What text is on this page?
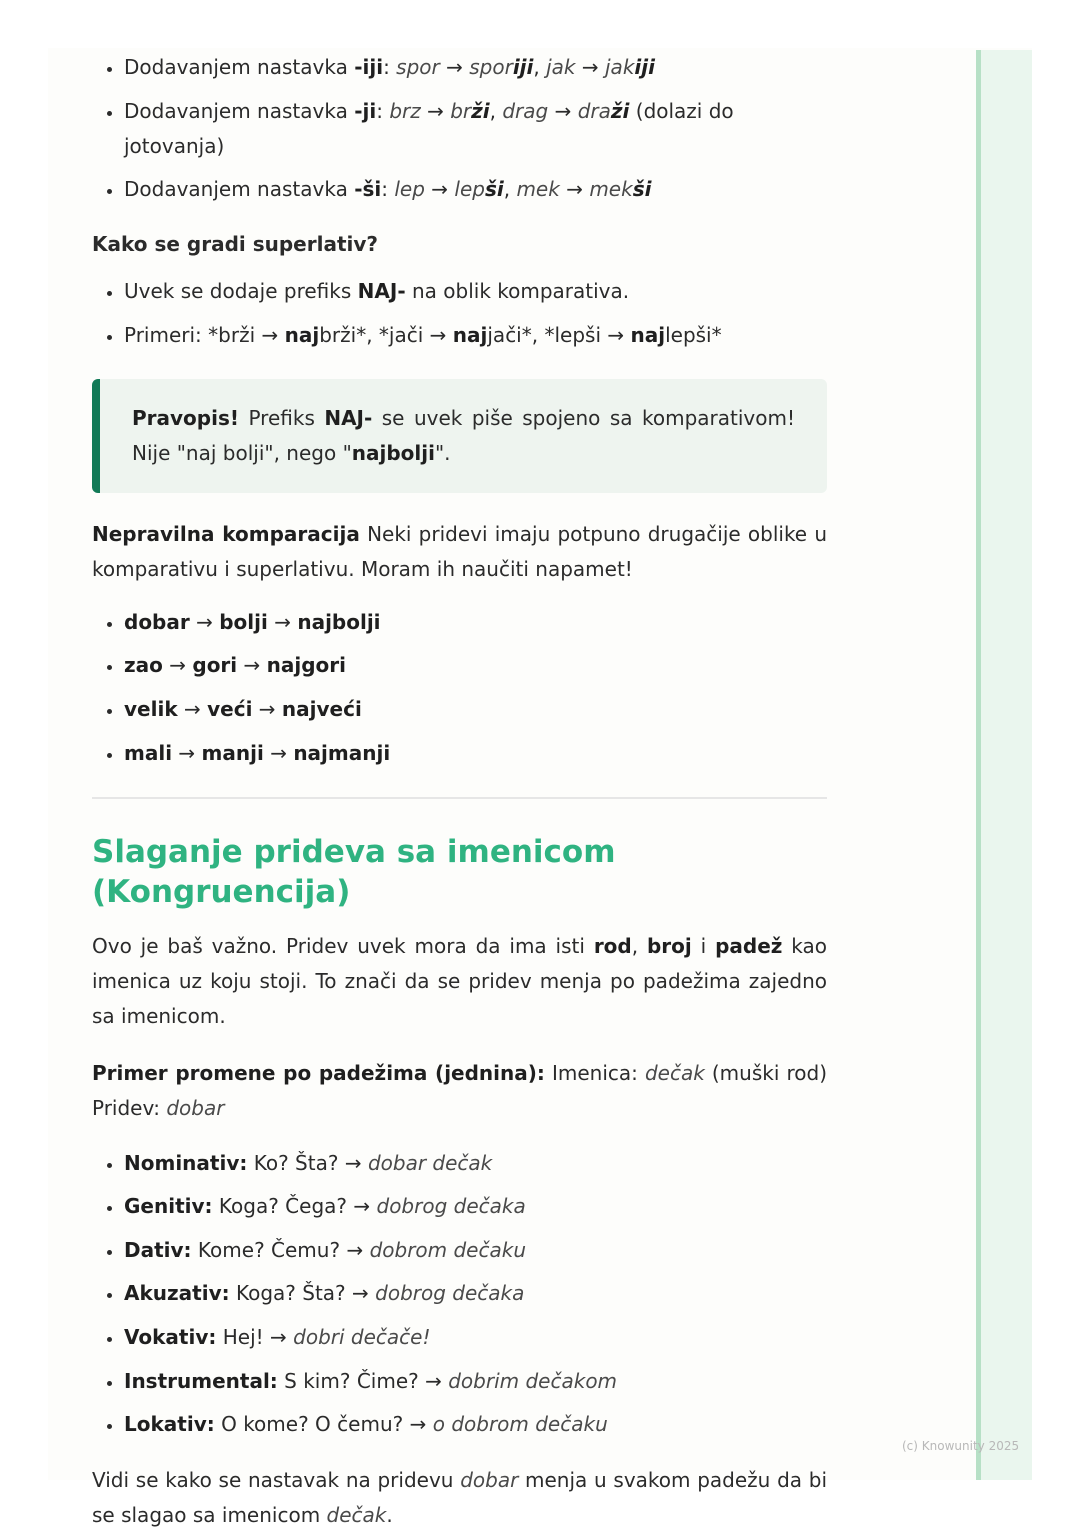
• Dodavanjem nastavka -iji: spor → sporiji, jak → jakiji
• Dodavanjem nastavka -ji: brz → brži, drag → draži (dolazi do jotovanja)
• Dodavanjem nastavka -ši: lep → lepši, mek → mekši

Kako se gradi superlativ?

• Uvek se dodaje prefiks NAJ- na oblik komparativa.
• Primeri: *brži → najbrži*, *jači → najjači*, *lepši → najlepši*
Pravopis! Prefiks NAJ- se uvek piše spojeno sa komparativom! Nije "naj bolji", nego "najbolji".

Nepravilna komparacija Neki pridevi imaju potpuno drugačije oblike u komparativu i superlativu. Moram ih naučiti napamet!

• dobar → bolji → najbolji
• zao → gori → najgori
• velik → veći → najveći
• mali → manji → najmanji
Slaganje prideva sa imenicom (Kongruencija)

Ovo je baš važno. Pridev uvek mora da ima isti rod, broj i padež kao imenica uz koju stoji. To znači da se pridev menja po padežima zajedno sa imenicom.

Primer promene po padežima (jednina): Imenica: dečak (muški rod) Pridev: dobar

• Nominativ: Ko? Šta? → dobar dečak
• Genitiv: Koga? Čega? → dobrog dečaka
• Dativ: Kome? Čemu? → dobrom dečaku
• Akuzativ: Koga? Šta? → dobrog dečaka
• Vokativ: Hej! → dobri dečače!
• Instrumental: S kim? Čime? → dobrim dečakom
• Lokativ: O kome? O čemu? → o dobrom dečaku

Vidi se kako se nastavak na pridevu dobar menja u svakom padežu da bi se slagao sa imenicom dečak.

(c) Knowunity 2025
